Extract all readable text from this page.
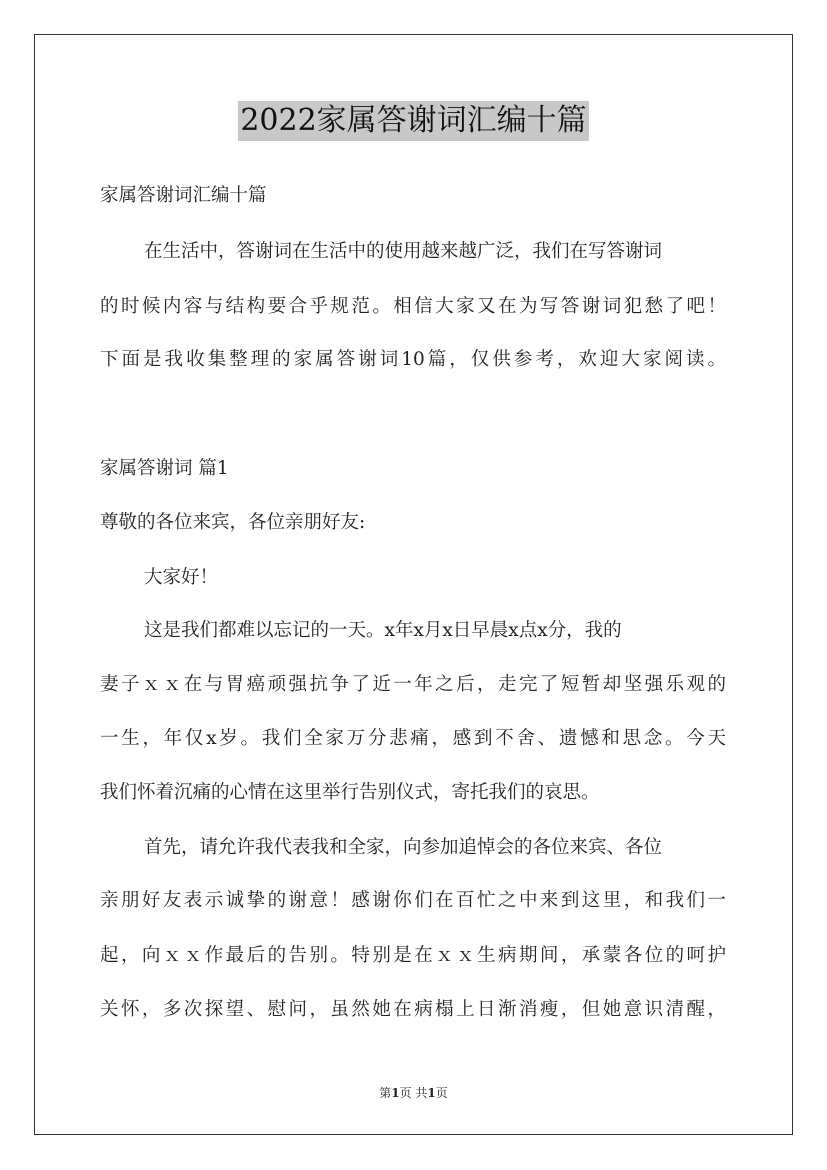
2022家属答谢词汇编十篇
家属答谢词汇编十篇
在生活中，答谢词在生活中的使用越来越广泛，我们在写答谢词
的时候内容与结构要合乎规范。相信大家又在为写答谢词犯愁了吧！
下面是我收集整理的家属答谢词10篇，仅供参考，欢迎大家阅读。
家属答谢词 篇1
尊敬的各位来宾，各位亲朋好友:
大家好！
这是我们都难以忘记的一天。x年x月x日早晨x点x分，我的
妻子ｘｘ在与胃癌顽强抗争了近一年之后，走完了短暂却坚强乐观的
一生，年仅x岁。我们全家万分悲痛，感到不舍、遗憾和思念。今天
我们怀着沉痛的心情在这里举行告别仪式，寄托我们的哀思。
首先，请允许我代表我和全家，向参加追悼会的各位来宾、各位
亲朋好友表示诚挚的谢意！感谢你们在百忙之中来到这里，和我们一
起，向ｘｘ作最后的告别。特别是在ｘｘ生病期间，承蒙各位的呵护
关怀，多次探望、慰问，虽然她在病榻上日渐消瘦，但她意识清醒，
第1页 共1页
